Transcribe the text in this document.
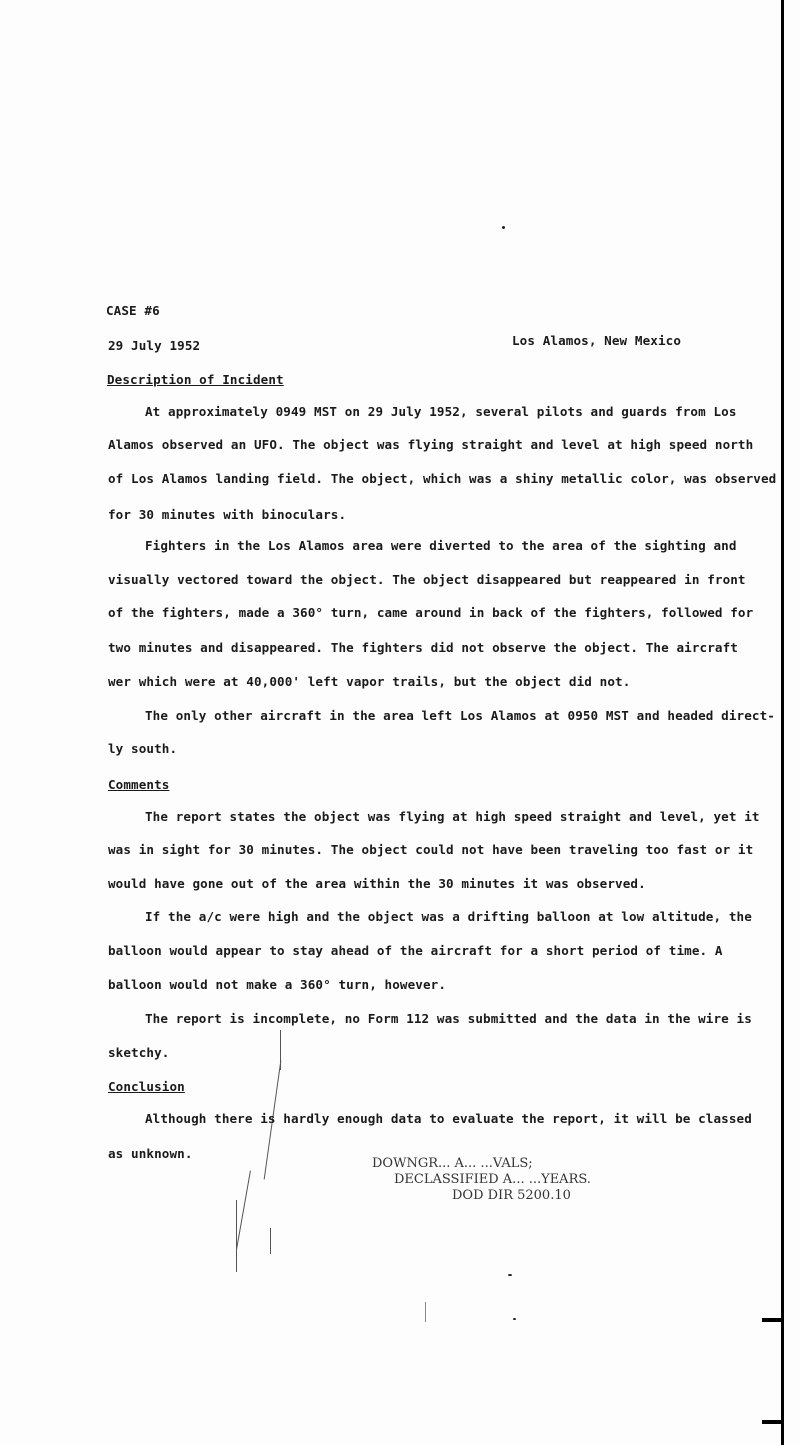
CASE #6
29 July 1952	Los Alamos, New Mexico
Description of Incident
At approximately 0949 MST on 29 July 1952, several pilots and guards from Los
Alamos observed an UFO. The object was flying straight and level at high speed north
of Los Alamos landing field. The object, which was a shiny metallic color, was observed
for 30 minutes with binoculars.
Fighters in the Los Alamos area were diverted to the area of the sighting and
visually vectored toward the object. The object disappeared but reappeared in front
of the fighters, made a 360° turn, came around in back of the fighters, followed for
two minutes and disappeared. The fighters did not observe the object. The aircraft
wer which were at 40,000' left vapor trails, but the object did not.
The only other aircraft in the area left Los Alamos at 0950 MST and headed direct-
ly south.
Comments
The report states the object was flying at high speed straight and level, yet it
was in sight for 30 minutes. The object could not have been traveling too fast or it
would have gone out of the area within the 30 minutes it was observed.
If the a/c were high and the object was a drifting balloon at low altitude, the
balloon would appear to stay ahead of the aircraft for a short period of time. A
balloon would not make a 360° turn, however.
The report is incomplete, no Form 112 was submitted and the data in the wire is
sketchy.
Conclusion
Although there is hardly enough data to evaluate the report, it will be classed
as unknown.
DOWNGR... A... ...VALS;
DECLASSIFIED A... ...YEARS.
DOD DIR 5200.10
